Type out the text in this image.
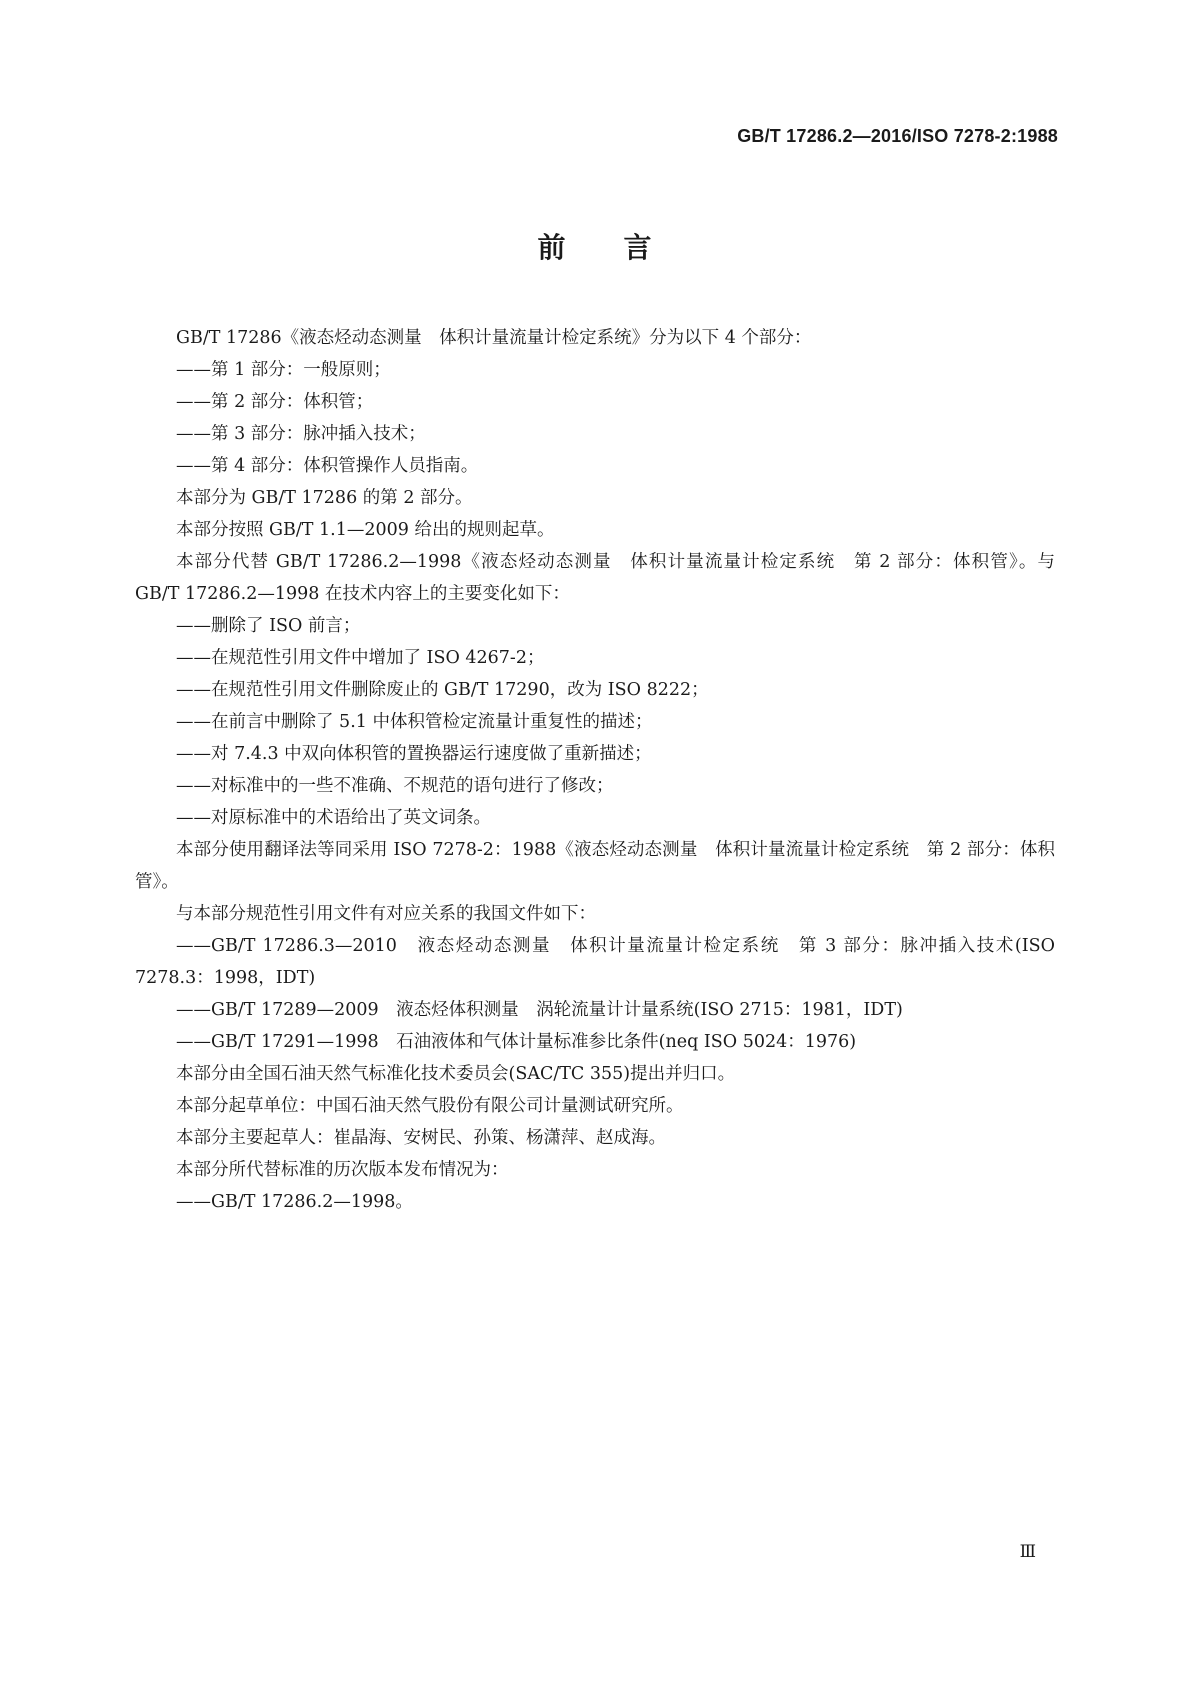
GB/T 17286.2—2016/ISO 7278-2:1988
前 言

GB/T 17286《液态烃动态测量　体积计量流量计检定系统》分为以下 4 个部分：

——第 1 部分：一般原则；

——第 2 部分：体积管；

——第 3 部分：脉冲插入技术；

——第 4 部分：体积管操作人员指南。

本部分为 GB/T 17286 的第 2 部分。

本部分按照 GB/T 1.1—2009 给出的规则起草。

本部分代替 GB/T 17286.2—1998《液态烃动态测量　体积计量流量计检定系统　第 2 部分：体积管》。与 GB/T 17286.2—1998 在技术内容上的主要变化如下：

——删除了 ISO 前言；

——在规范性引用文件中增加了 ISO 4267-2；

——在规范性引用文件删除废止的 GB/T 17290，改为 ISO 8222；

——在前言中删除了 5.1 中体积管检定流量计重复性的描述；

——对 7.4.3 中双向体积管的置换器运行速度做了重新描述；

——对标准中的一些不准确、不规范的语句进行了修改；

——对原标准中的术语给出了英文词条。

本部分使用翻译法等同采用 ISO 7278-2：1988《液态烃动态测量　体积计量流量计检定系统　第 2 部分：体积管》。

与本部分规范性引用文件有对应关系的我国文件如下：

——GB/T 17286.3—2010　液态烃动态测量　体积计量流量计检定系统　第 3 部分：脉冲插入技术(ISO 7278.3：1998，IDT)

——GB/T 17289—2009　液态烃体积测量　涡轮流量计计量系统(ISO 2715：1981，IDT)

——GB/T 17291—1998　石油液体和气体计量标准参比条件(neq ISO 5024：1976)

本部分由全国石油天然气标准化技术委员会(SAC/TC 355)提出并归口。

本部分起草单位：中国石油天然气股份有限公司计量测试研究所。

本部分主要起草人：崔晶海、安树民、孙策、杨潇萍、赵成海。

本部分所代替标准的历次版本发布情况为：

——GB/T 17286.2—1998。

Ⅲ
